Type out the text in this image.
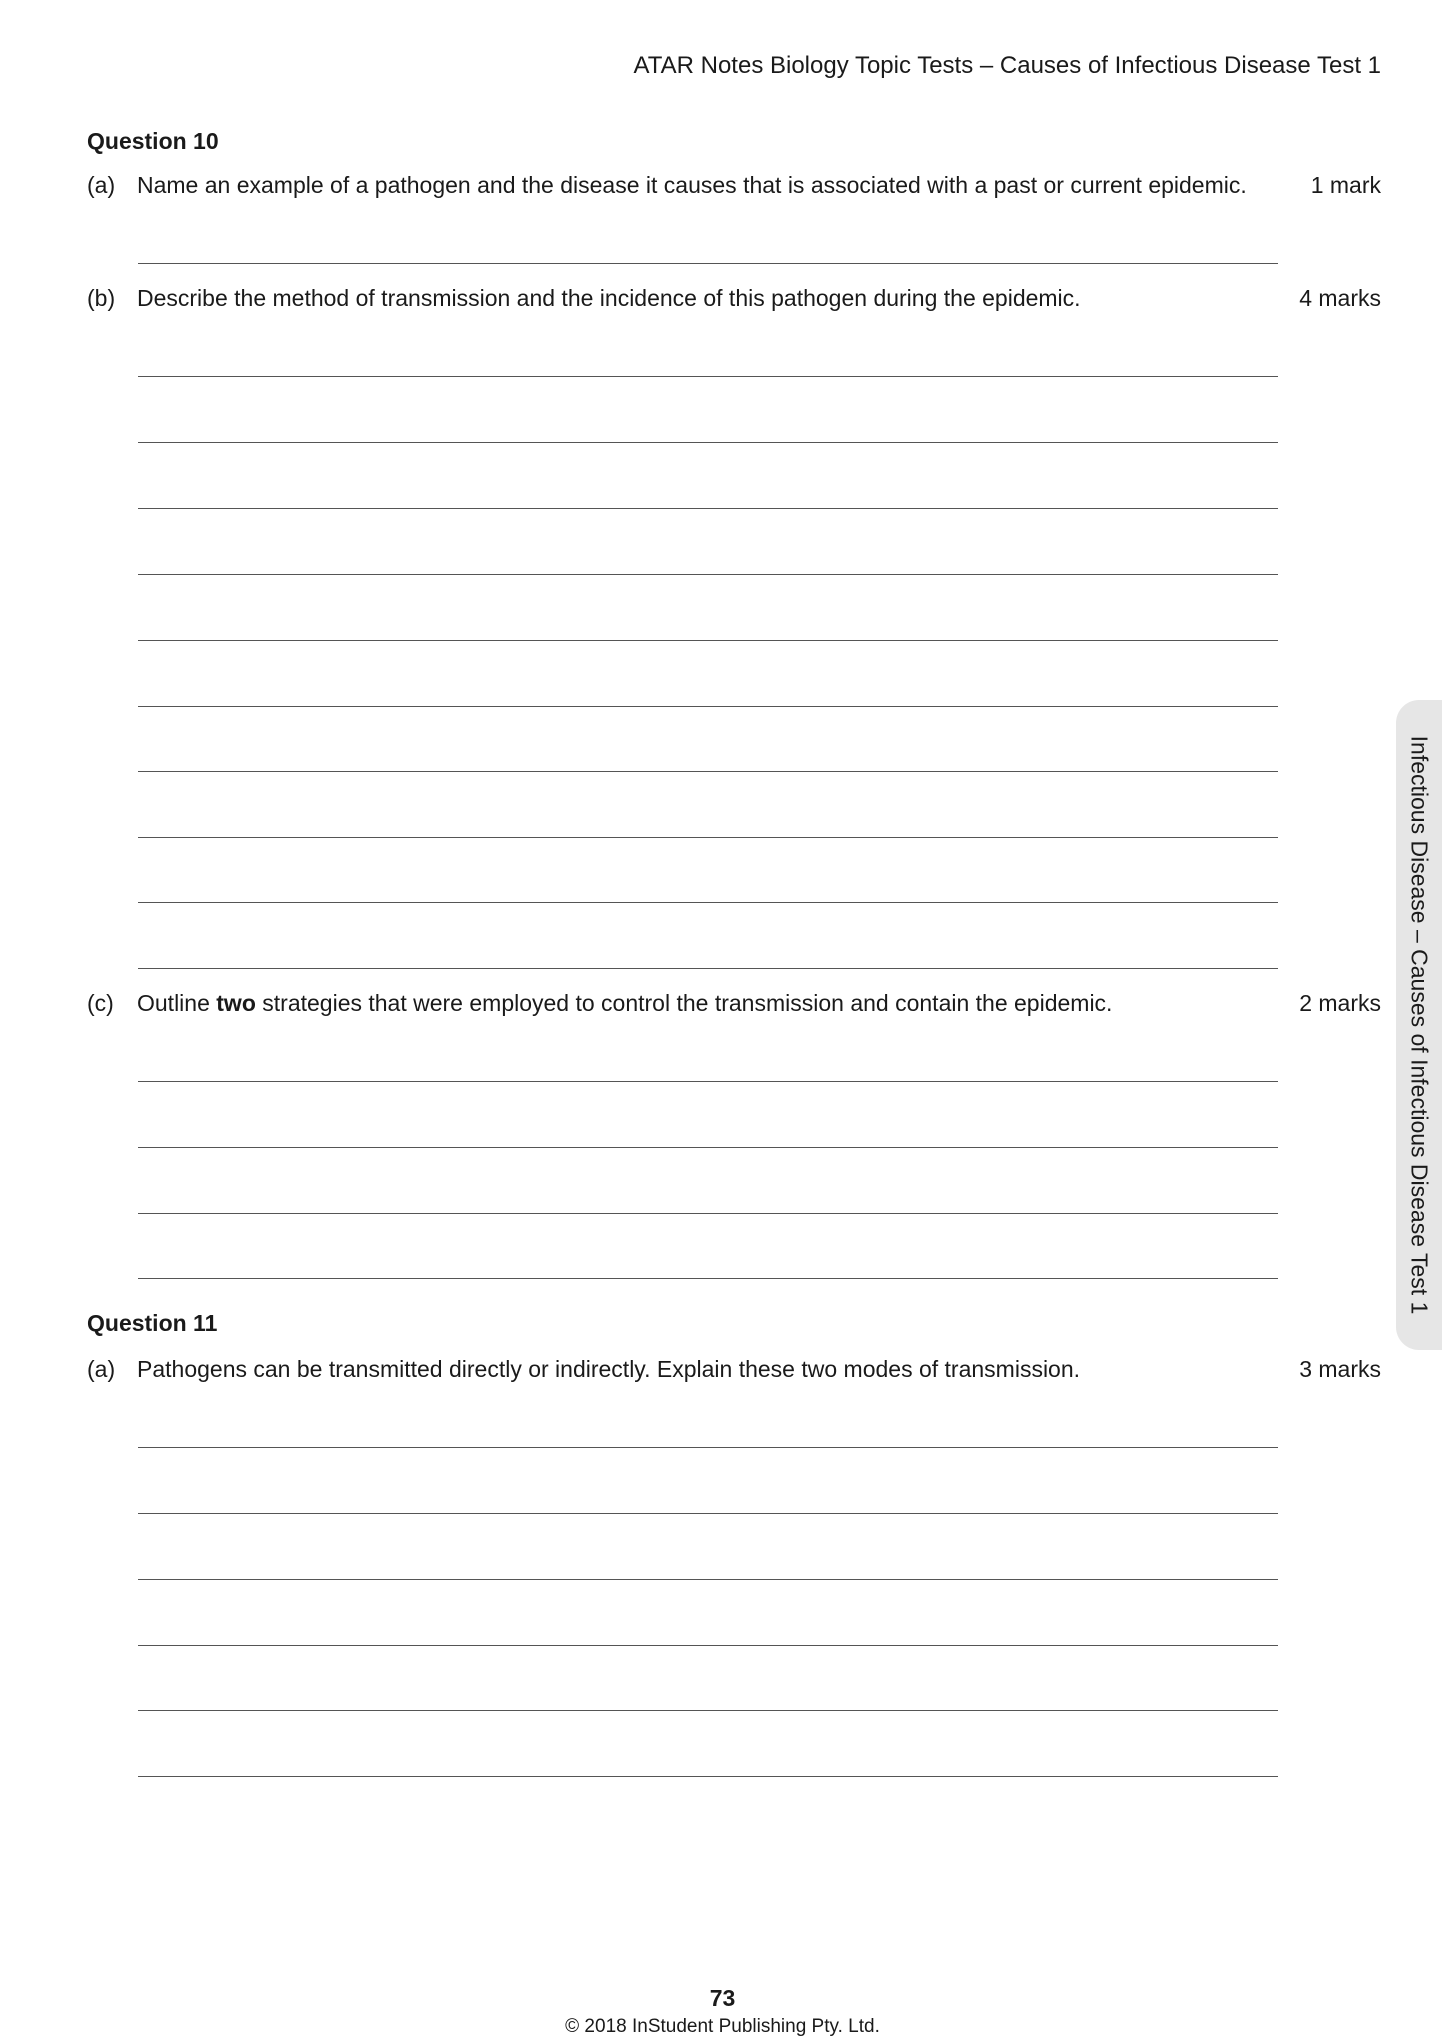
ATAR Notes Biology Topic Tests – Causes of Infectious Disease Test 1
Question 10
(a) Name an example of a pathogen and the disease it causes that is associated with a past or current epidemic.	1 mark
(b) Describe the method of transmission and the incidence of this pathogen during the epidemic.	4 marks
(c) Outline two strategies that were employed to control the transmission and contain the epidemic.	2 marks
Question 11
(a) Pathogens can be transmitted directly or indirectly. Explain these two modes of transmission.	3 marks
Infectious Disease – Causes of Infectious Disease Test 1
73
© 2018 InStudent Publishing Pty. Ltd.
